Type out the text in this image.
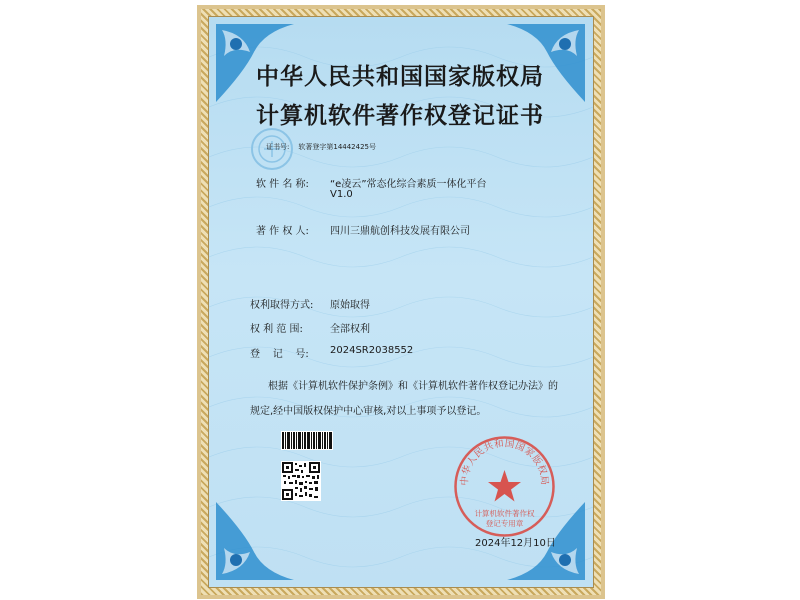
中华人民共和国国家版权局
计算机软件著作权登记证书
证书号: 软著登字第14442425号
软 件 名 称: “e凌云”常态化综合素质一体化平台
V1.0
著 作 权 人: 四川三鼎航创科技发展有限公司
权利取得方式: 原始取得
权 利 范 围:	全部权利
登    记    号: 2024SR2038552
根据《计算机软件保护条例》和《计算机软件著作权登记办法》的
规定,经中国版权保护中心审核,对以上事项予以登记。
中华人民共和国国家版权局
计算机软件著作权
登记专用章
2024年12月10日
